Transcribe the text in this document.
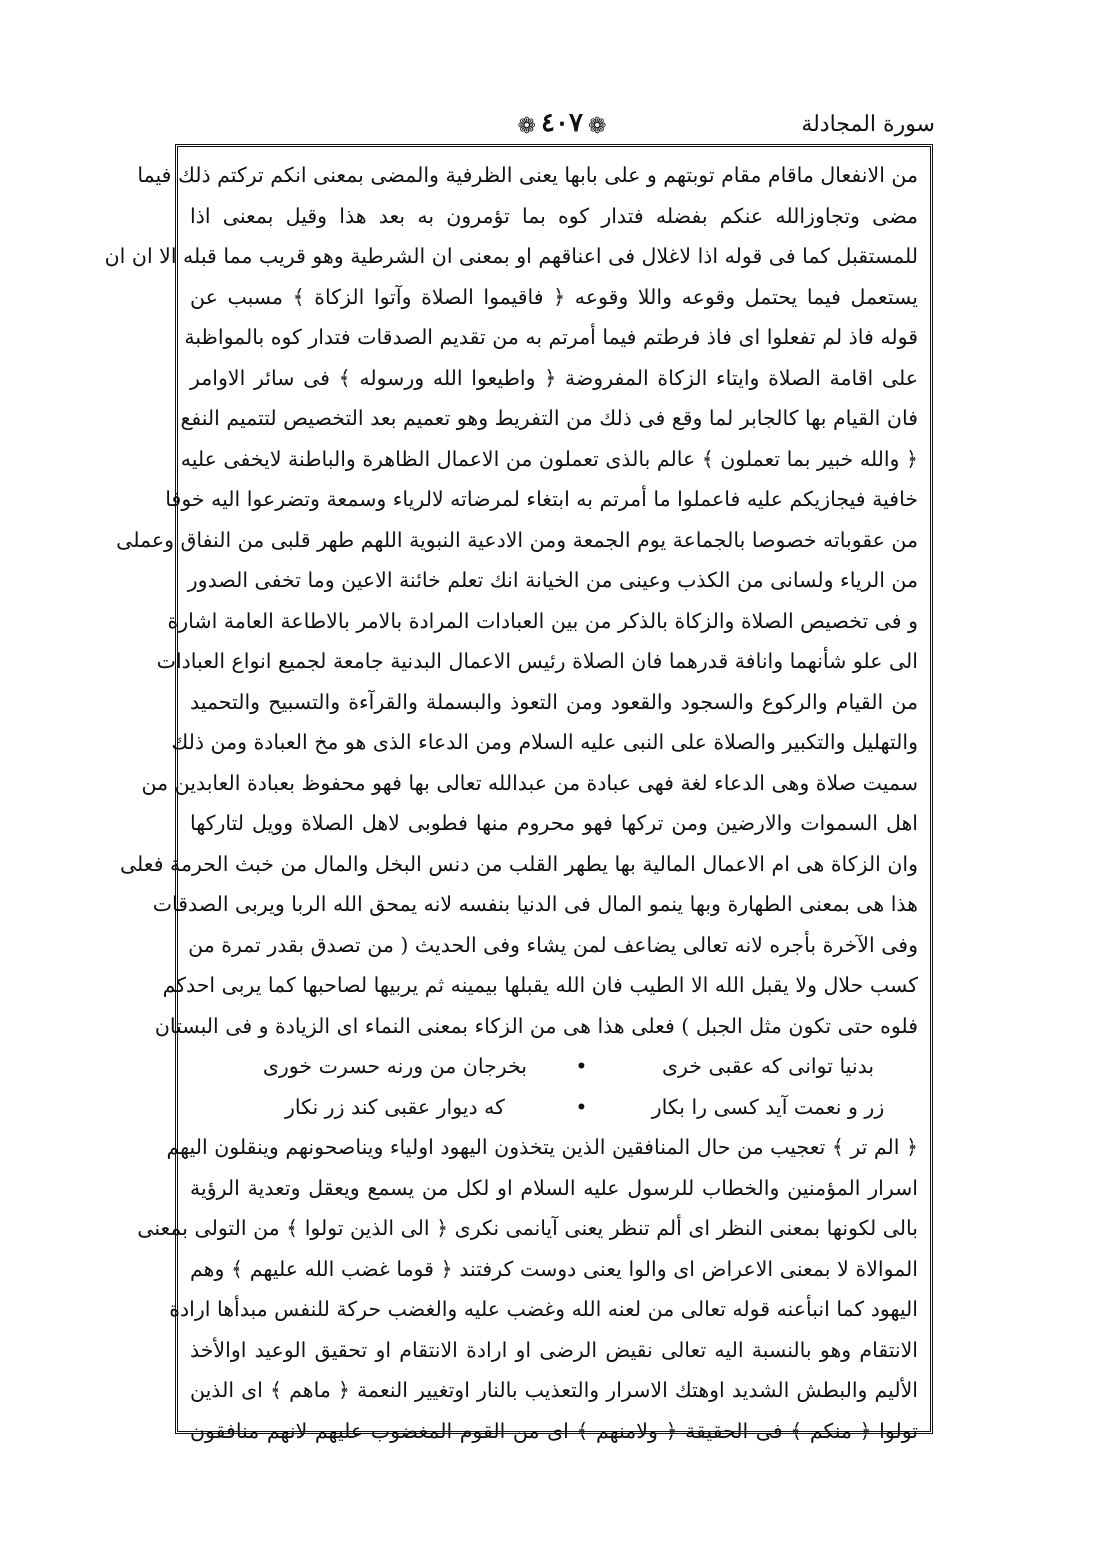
سورة المجادلة
❁ ٤٠٧ ❁
من الانفعال ماقام مقام توبتهم و على بابها يعنى الظرفية والمضى بمعنى انكم تركتم ذلك فيما
مضى وتجاوزالله عنكم بفضله فتدار كوه بما تؤمرون به بعد هذا وقيل بمعنى اذا
للمستقبل كما فى قوله اذا لاغلال فى اعناقهم او بمعنى ان الشرطية وهو قريب مما قبله الا ان ان
يستعمل فيما يحتمل وقوعه واللا وقوعه ﴿ فاقيموا الصلاة وآتوا الزكاة ﴾ مسبب عن
قوله فاذ لم تفعلوا اى فاذ فرطتم فيما أمرتم به من تقديم الصدقات فتدار كوه بالمواظبة
على اقامة الصلاة وايتاء الزكاة المفروضة ﴿ واطيعوا الله ورسوله ﴾ فى سائر الاوامر
فان القيام بها كالجابر لما وقع فى ذلك من التفريط وهو تعميم بعد التخصيص لتتميم النفع
﴿ والله خبير بما تعملون ﴾ عالم بالذى تعملون من الاعمال الظاهرة والباطنة لايخفى عليه
خافية فيجازيكم عليه فاعملوا ما أمرتم به ابتغاء لمرضاته لالرياء وسمعة وتضرعوا اليه خوفا
من عقوباته خصوصا بالجماعة يوم الجمعة ومن الادعية النبوية اللهم طهر قلبى من النفاق وعملى
من الرياء ولسانى من الكذب وعينى من الخيانة انك تعلم خائنة الاعين وما تخفى الصدور
و فى تخصيص الصلاة والزكاة بالذكر من بين العبادات المرادة بالامر بالاطاعة العامة اشارة
الى علو شأنهما وانافة قدرهما فان الصلاة رئيس الاعمال البدنية جامعة لجميع انواع العبادات
من القيام والركوع والسجود والقعود ومن التعوذ والبسملة والقرآءة والتسبيح والتحميد
والتهليل والتكبير والصلاة على النبى عليه السلام ومن الدعاء الذى هو مخ العبادة ومن ذلك
سميت صلاة وهى الدعاء لغة فهى عبادة من عبدالله تعالى بها فهو محفوظ بعبادة العابدين من
اهل السموات والارضين ومن تركها فهو محروم منها فطوبى لاهل الصلاة وويل لتاركها
وان الزكاة هى ام الاعمال المالية بها يطهر القلب من دنس البخل والمال من خبث الحرمة فعلى
هذا هى بمعنى الطهارة وبها ينمو المال فى الدنيا بنفسه لانه يمحق الله الربا ويربى الصدقات
وفى الآخرة بأجره لانه تعالى يضاعف لمن يشاء وفى الحديث ( من تصدق بقدر تمرة من
كسب حلال ولا يقبل الله الا الطيب فان الله يقبلها بيمينه ثم يربيها لصاحبها كما يربى احدكم
فلوه حتى تكون مثل الجبل ) فعلى هذا هى من الزكاء بمعنى النماء اى الزيادة و فى البستان
بدنيا توانى كه عقبى خرى • بخرجان من ورنه حسرت خورى
زر و نعمت آيد كسى را بكار • كه ديوار عقبى كند زر نكار
﴿ الم تر ﴾ تعجيب من حال المنافقين الذين يتخذون اليهود اولياء ويناصحونهم وينقلون اليهم
اسرار المؤمنين والخطاب للرسول عليه السلام او لكل من يسمع ويعقل وتعدية الرؤية
بالى لكونها بمعنى النظر اى ألم تنظر يعنى آيانمى نكرى ﴿ الى الذين تولوا ﴾ من التولى بمعنى
الموالاة لا بمعنى الاعراض اى والوا يعنى دوست كرفتند ﴿ قوما غضب الله عليهم ﴾ وهم
اليهود كما انبأعنه قوله تعالى من لعنه الله وغضب عليه والغضب حركة للنفس مبدأها ارادة
الانتقام وهو بالنسبة اليه تعالى نقيض الرضى او ارادة الانتقام او تحقيق الوعيد اوالأخذ
الأليم والبطش الشديد اوهتك الاسرار والتعذيب بالنار اوتغيير النعمة ﴿ ماهم ﴾ اى الذين
تولوا ﴿ منكم ﴾ فى الحقيقة ﴿ ولامنهم ﴾ اى من القوم المغضوب عليهم لانهم منافقون
